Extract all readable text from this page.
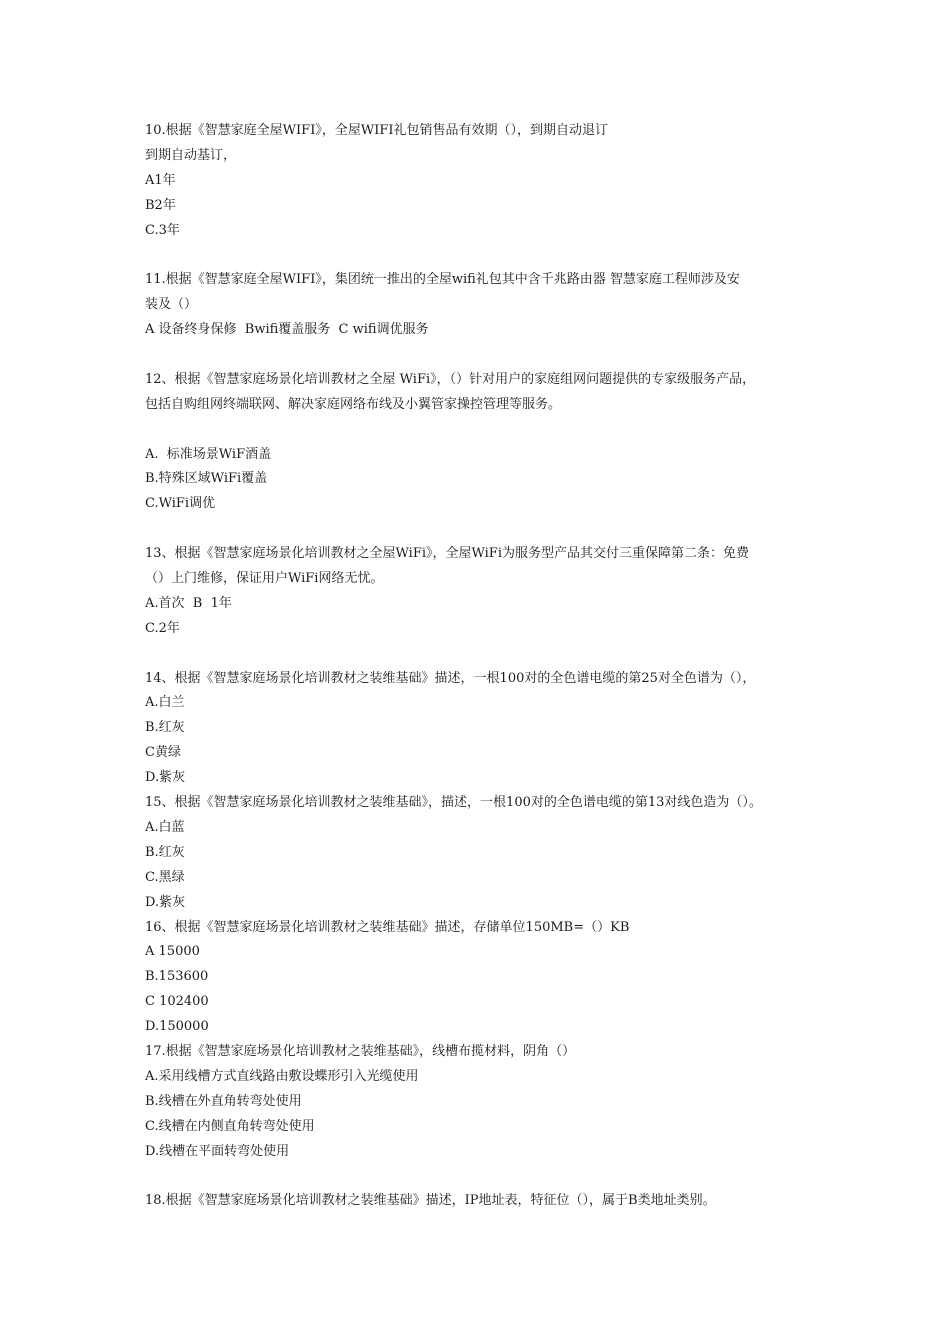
10.根据《智慧家庭全屋WIFI》，全屋WIFI礼包销售品有效期（），到期自动退订
到期自动基订，
A1年
B2年
C.3年
11.根据《智慧家庭全屋WIFI》，集团统一推出的全屋wifi礼包其中含千兆路由器 智慧家庭工程师涉及安
装及（）
A 设备终身保修  Bwifi覆盖服务  C wifi调优服务
12、根据《智慧家庭场景化培训教材之全屋 WiFi》，（）针对用户的家庭组网问题提供的专家级服务产品，
包括自购组网终端联网、解决家庭网络布线及小翼管家操控管理等服务。
A.  标准场景WiF酒盖
B.特殊区域WiFi覆盖
C.WiFi调优
13、根据《智慧家庭场景化培训教材之全屋WiFi》，全屋WiFi为服务型产品其交付三重保障第二条：免费
（）上门维修，保证用户WiFi网络无忧。
A.首次  B  1年
C.2年
14、根据《智慧家庭场景化培训教材之装维基础》描述，一根100对的全色谱电缆的第25对全色谱为（），
A.白兰
B.红灰
C黄绿
D.紫灰
15、根据《智慧家庭场景化培训教材之装维基础》，描述，一根100对的全色谱电缆的第13对线色造为（）。
A.白蓝
B.红灰
C.黑绿
D.紫灰
16、根据《智慧家庭场景化培训教材之装维基础》描述，存储单位150MB=（）KB
A 15000
B.153600
C 102400
D.150000
17.根据《智慧家庭场景化培训教材之装维基础》，线槽布揽材料，阴角（）
A.采用线槽方式直线路由敷设蝶形引入光缆使用
B.线槽在外直角转弯处使用
C.线槽在内侧直角转弯处使用
D.线槽在平面转弯处使用
18.根据《智慧家庭场景化培训教材之装维基础》描述，IP地址表，特征位（），属于B类地址类别。
